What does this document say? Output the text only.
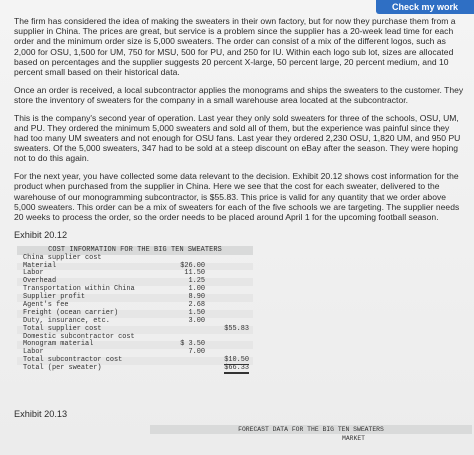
Check my work

The firm has considered the idea of making the sweaters in their own factory, but for now they purchase them from a supplier in China. The prices are great, but service is a problem since the supplier has a 20-week lead time for each order and the minimum order size is 5,000 sweaters. The order can consist of a mix of the different logos, such as 2,000 for OSU, 1,500 for UM, 750 for MSU, 500 for PU, and 250 for IU. Within each logo sub lot, sizes are allocated based on percentages and the supplier suggests 20 percent X-large, 50 percent large, 20 percent medium, and 10 percent small based on their historical data.

Once an order is received, a local subcontractor applies the monograms and ships the sweaters to the customer. They store the inventory of sweaters for the company in a small warehouse area located at the subcontractor.

This is the company's second year of operation. Last year they only sold sweaters for three of the schools, OSU, UM, and PU. They ordered the minimum 5,000 sweaters and sold all of them, but the experience was painful since they had too many UM sweaters and not enough for OSU fans. Last year they ordered 2,230 OSU, 1,820 UM, and 950 PU sweaters. Of the 5,000 sweaters, 347 had to be sold at a steep discount on eBay after the season. They were hoping not to do this again.

For the next year, you have collected some data relevant to the decision. Exhibit 20.12 shows cost information for the product when purchased from the supplier in China. Here we see that the cost for each sweater, delivered to the warehouse of our monogramming subcontractor, is $55.83. This price is valid for any quantity that we order above 5,000 sweaters. This order can be a mix of sweaters for each of the five schools we are targeting. The supplier needs 20 weeks to process the order, so the order needs to be placed around April 1 for the upcoming football season.

Exhibit 20.12
COST INFORMATION FOR THE BIG TEN SWEATERS
China supplier cost
Material	$26.00
Labor	11.50
Overhead	1.25
Transportation within China	1.00
Supplier profit	8.90
Agent's fee	2.68
Freight (ocean carrier)	1.50
Duty, insurance, etc.	3.00
Total supplier cost	$55.83
Domestic subcontractor cost
Monogram material	$ 3.50
Labor	7.00
Total subcontractor cost	$10.50
Total (per sweater)	$66.33
Exhibit 20.13
FORECAST DATA FOR THE BIG TEN SWEATERS
MARKET
